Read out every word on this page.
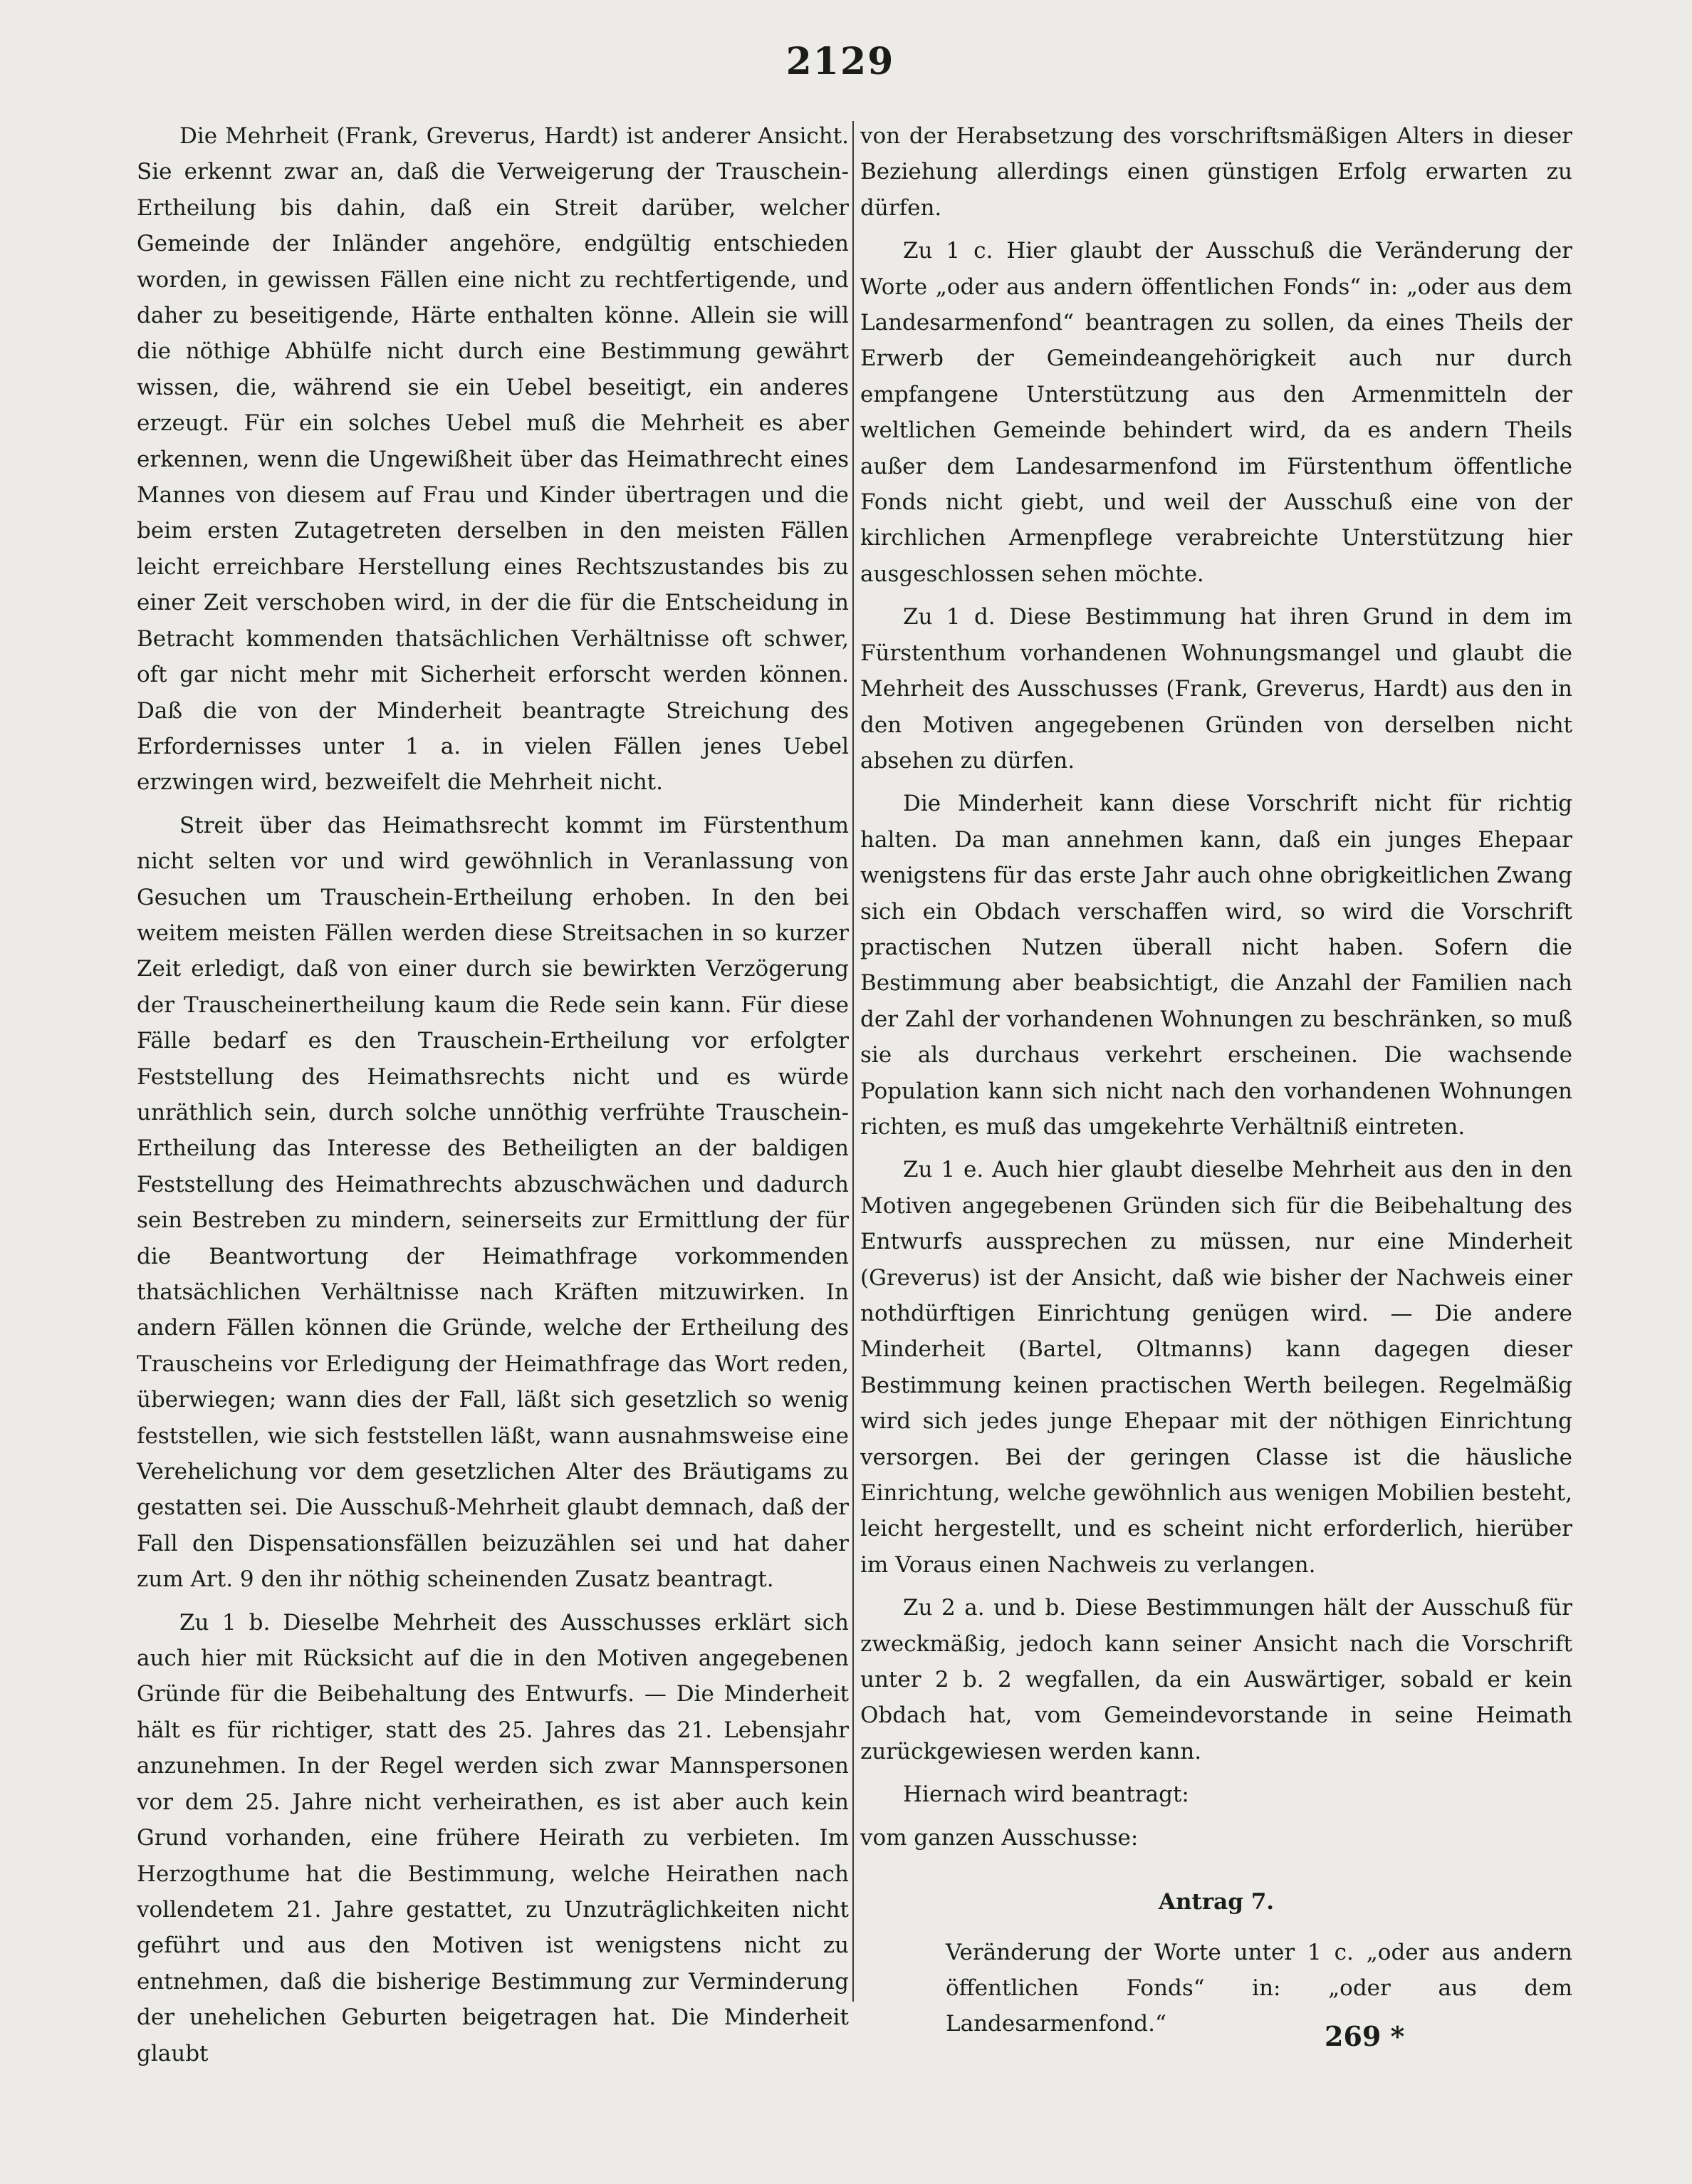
2129

Die Mehrheit (Frank, Greverus, Hardt) ist anderer Ansicht. Sie erkennt zwar an, daß die Verweigerung der Trauschein-Ertheilung bis dahin, daß ein Streit darüber, welcher Gemeinde der Inländer angehöre, endgültig entschieden worden, in gewissen Fällen eine nicht zu rechtfertigende, und daher zu beseitigende, Härte enthalten könne. Allein sie will die nöthige Abhülfe nicht durch eine Bestimmung gewährt wissen, die, während sie ein Uebel beseitigt, ein anderes erzeugt. Für ein solches Uebel muß die Mehrheit es aber erkennen, wenn die Ungewißheit über das Heimathrecht eines Mannes von diesem auf Frau und Kinder übertragen und die beim ersten Zutagetreten derselben in den meisten Fällen leicht erreichbare Herstellung eines Rechtszustandes bis zu einer Zeit verschoben wird, in der die für die Entscheidung in Betracht kommenden thatsächlichen Verhältnisse oft schwer, oft gar nicht mehr mit Sicherheit erforscht werden können. Daß die von der Minderheit beantragte Streichung des Erfordernisses unter 1 a. in vielen Fällen jenes Uebel erzwingen wird, bezweifelt die Mehrheit nicht.

Streit über das Heimathsrecht kommt im Fürstenthum nicht selten vor und wird gewöhnlich in Veranlassung von Gesuchen um Trauschein-Ertheilung erhoben. In den bei weitem meisten Fällen werden diese Streitsachen in so kurzer Zeit erledigt, daß von einer durch sie bewirkten Verzögerung der Trauscheinertheilung kaum die Rede sein kann. Für diese Fälle bedarf es den Trauschein-Ertheilung vor erfolgter Feststellung des Heimathsrechts nicht und es würde unräthlich sein, durch solche unnöthig verfrühte Trauschein-Ertheilung das Interesse des Betheiligten an der baldigen Feststellung des Heimathrechts abzuschwächen und dadurch sein Bestreben zu mindern, seinerseits zur Ermittlung der für die Beantwortung der Heimathfrage vorkommenden thatsächlichen Verhältnisse nach Kräften mitzuwirken. In andern Fällen können die Gründe, welche der Ertheilung des Trauscheins vor Erledigung der Heimathfrage das Wort reden, überwiegen; wann dies der Fall, läßt sich gesetzlich so wenig feststellen, wie sich feststellen läßt, wann ausnahmsweise eine Verehelichung vor dem gesetzlichen Alter des Bräutigams zu gestatten sei. Die Ausschuß-Mehrheit glaubt demnach, daß der Fall den Dispensationsfällen beizuzählen sei und hat daher zum Art. 9 den ihr nöthig scheinenden Zusatz beantragt.

Zu 1 b. Dieselbe Mehrheit des Ausschusses erklärt sich auch hier mit Rücksicht auf die in den Motiven angegebenen Gründe für die Beibehaltung des Entwurfs. — Die Minderheit hält es für richtiger, statt des 25. Jahres das 21. Lebensjahr anzunehmen. In der Regel werden sich zwar Mannspersonen vor dem 25. Jahre nicht verheirathen, es ist aber auch kein Grund vorhanden, eine frühere Heirath zu verbieten. Im Herzogthume hat die Bestimmung, welche Heirathen nach vollendetem 21. Jahre gestattet, zu Unzuträglichkeiten nicht geführt und aus den Motiven ist wenigstens nicht zu entnehmen, daß die bisherige Bestimmung zur Verminderung der unehelichen Geburten beigetragen hat. Die Minderheit glaubt

von der Herabsetzung des vorschriftsmäßigen Alters in dieser Beziehung allerdings einen günstigen Erfolg erwarten zu dürfen.

Zu 1 c. Hier glaubt der Ausschuß die Veränderung der Worte „oder aus andern öffentlichen Fonds“ in: „oder aus dem Landesarmenfond“ beantragen zu sollen, da eines Theils der Erwerb der Gemeindeangehörigkeit auch nur durch empfangene Unterstützung aus den Armenmitteln der weltlichen Gemeinde behindert wird, da es andern Theils außer dem Landesarmenfond im Fürstenthum öffentliche Fonds nicht giebt, und weil der Ausschuß eine von der kirchlichen Armenpflege verabreichte Unterstützung hier ausgeschlossen sehen möchte.

Zu 1 d. Diese Bestimmung hat ihren Grund in dem im Fürstenthum vorhandenen Wohnungsmangel und glaubt die Mehrheit des Ausschusses (Frank, Greverus, Hardt) aus den in den Motiven angegebenen Gründen von derselben nicht absehen zu dürfen.

Die Minderheit kann diese Vorschrift nicht für richtig halten. Da man annehmen kann, daß ein junges Ehepaar wenigstens für das erste Jahr auch ohne obrigkeitlichen Zwang sich ein Obdach verschaffen wird, so wird die Vorschrift practischen Nutzen überall nicht haben. Sofern die Bestimmung aber beabsichtigt, die Anzahl der Familien nach der Zahl der vorhandenen Wohnungen zu beschränken, so muß sie als durchaus verkehrt erscheinen. Die wachsende Population kann sich nicht nach den vorhandenen Wohnungen richten, es muß das umgekehrte Verhältniß eintreten.

Zu 1 e. Auch hier glaubt dieselbe Mehrheit aus den in den Motiven angegebenen Gründen sich für die Beibehaltung des Entwurfs aussprechen zu müssen, nur eine Minderheit (Greverus) ist der Ansicht, daß wie bisher der Nachweis einer nothdürftigen Einrichtung genügen wird. — Die andere Minderheit (Bartel, Oltmanns) kann dagegen dieser Bestimmung keinen practischen Werth beilegen. Regelmäßig wird sich jedes junge Ehepaar mit der nöthigen Einrichtung versorgen. Bei der geringen Classe ist die häusliche Einrichtung, welche gewöhnlich aus wenigen Mobilien besteht, leicht hergestellt, und es scheint nicht erforderlich, hierüber im Voraus einen Nachweis zu verlangen.

Zu 2 a. und b. Diese Bestimmungen hält der Ausschuß für zweckmäßig, jedoch kann seiner Ansicht nach die Vorschrift unter 2 b. 2 wegfallen, da ein Auswärtiger, sobald er kein Obdach hat, vom Gemeindevorstande in seine Heimath zurückgewiesen werden kann.

Hiernach wird beantragt:

vom ganzen Ausschusse:

Antrag 7.

Veränderung der Worte unter 1 c. „oder aus andern öffentlichen Fonds“ in: „oder aus dem Landesarmenfond.“	269 *
